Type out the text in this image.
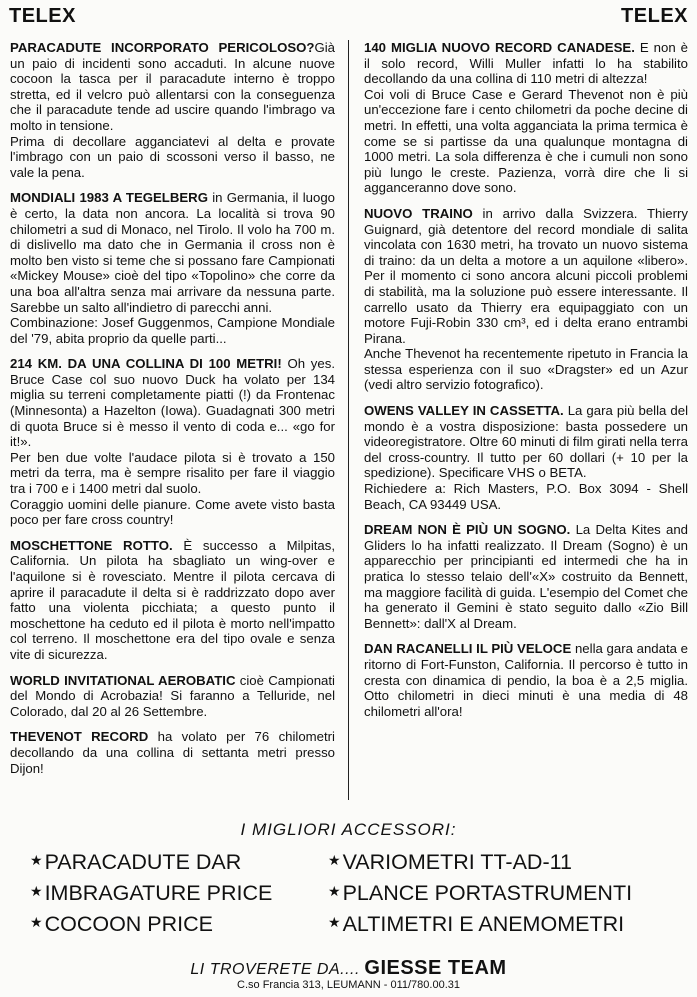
TELEX	TELEX

PARACADUTE INCORPORATO PERICOLOSO?Già un paio di incidenti sono accaduti. In alcune nuove cocoon la tasca per il paracadute interno è troppo stretta, ed il velcro può allentarsi con la conseguenza che il paracadute tende ad uscire quando l'imbrago va molto in tensione.

Prima di decollare agganciatevi al delta e provate l'imbrago con un paio di scossoni verso il basso, ne vale la pena.

MONDIALI 1983 A TEGELBERG in Germania, il luogo è certo, la data non ancora. La località si trova 90 chilometri a sud di Monaco, nel Tirolo. Il volo ha 700 m. di dislivello ma dato che in Germania il cross non è molto ben visto si teme che si possano fare Campionati «Mickey Mouse» cioè del tipo «Topolino» che corre da una boa all'altra senza mai arrivare da nessuna parte. Sarebbe un salto all'indietro di parecchi anni.

Combinazione: Josef Guggenmos, Campione Mondiale del '79, abita proprio da quelle parti...

214 KM. DA UNA COLLINA DI 100 METRI! Oh yes. Bruce Case col suo nuovo Duck ha volato per 134 miglia su terreni completamente piatti (!) da Frontenac (Minnesonta) a Hazelton (Iowa). Guadagnati 300 metri di quota Bruce si è messo il vento di coda e... «go for it!».

Per ben due volte l'audace pilota si è trovato a 150 metri da terra, ma è sempre risalito per fare il viaggio tra i 700 e i 1400 metri dal suolo.

Coraggio uomini delle pianure. Come avete visto basta poco per fare cross country!

MOSCHETTONE ROTTO. È successo a Milpitas, California. Un pilota ha sbagliato un wing-over e l'aquilone si è rovesciato. Mentre il pilota cercava di aprire il paracadute il delta si è raddrizzato dopo aver fatto una violenta picchiata; a questo punto il moschettone ha ceduto ed il pilota è morto nell'impatto col terreno. Il moschettone era del tipo ovale e senza vite di sicurezza.

WORLD INVITATIONAL AEROBATIC cioè Campionati del Mondo di Acrobazia! Si faranno a Telluride, nel Colorado, dal 20 al 26 Settembre.

THEVENOT RECORD ha volato per 76 chilometri decollando da una collina di settanta metri presso Dijon!

140 MIGLIA NUOVO RECORD CANADESE. E non è il solo record, Willi Muller infatti lo ha stabilito decollando da una collina di 110 metri di altezza!

Coi voli di Bruce Case e Gerard Thevenot non è più un'eccezione fare i cento chilometri da poche decine di metri. In effetti, una volta agganciata la prima termica è come se si partisse da una qualunque montagna di 1000 metri. La sola differenza è che i cumuli non sono più lungo le creste. Pazienza, vorrà dire che li si agganceranno dove sono.

NUOVO TRAINO in arrivo dalla Svizzera. Thierry Guignard, già detentore del record mondiale di salita vincolata con 1630 metri, ha trovato un nuovo sistema di traino: da un delta a motore a un aquilone «libero». Per il momento ci sono ancora alcuni piccoli problemi di stabilità, ma la soluzione può essere interessante. Il carrello usato da Thierry era equipaggiato con un motore Fuji-Robin 330 cm³, ed i delta erano entrambi Pirana.

Anche Thevenot ha recentemente ripetuto in Francia la stessa esperienza con il suo «Dragster» ed un Azur (vedi altro servizio fotografico).

OWENS VALLEY IN CASSETTA. La gara più bella del mondo è a vostra disposizione: basta possedere un videoregistratore. Oltre 60 minuti di film girati nella terra del cross-country. Il tutto per 60 dollari (+ 10 per la spedizione). Specificare VHS o BETA.

Richiedere a: Rich Masters, P.O. Box 3094 - Shell Beach, CA 93449 USA.

DREAM NON È PIÙ UN SOGNO. La Delta Kites and Gliders lo ha infatti realizzato. Il Dream (Sogno) è un apparecchio per principianti ed intermedi che ha in pratica lo stesso telaio dell'«X» costruito da Bennett, ma maggiore facilità di guida. L'esempio del Comet che ha generato il Gemini è stato seguito dallo «Zio Bill Bennett»: dall'X al Dream.

DAN RACANELLI IL PIÙ VELOCE nella gara andata e ritorno di Fort-Funston, California. Il percorso è tutto in cresta con dinamica di pendio, la boa è a 2,5 miglia. Otto chilometri in dieci minuti è una media di 48 chilometri all'ora!

I MIGLIORI ACCESSORI:
★PARACADUTE DAR
★IMBRAGATURE PRICE
★COCOON PRICE
★VARIOMETRI TT-AD-11
★PLANCE PORTASTRUMENTI
★ALTIMETRI E ANEMOMETRI
LI TROVERETE DA.... GIESSE TEAM
C.so Francia 313, LEUMANN - 011/780.00.31
